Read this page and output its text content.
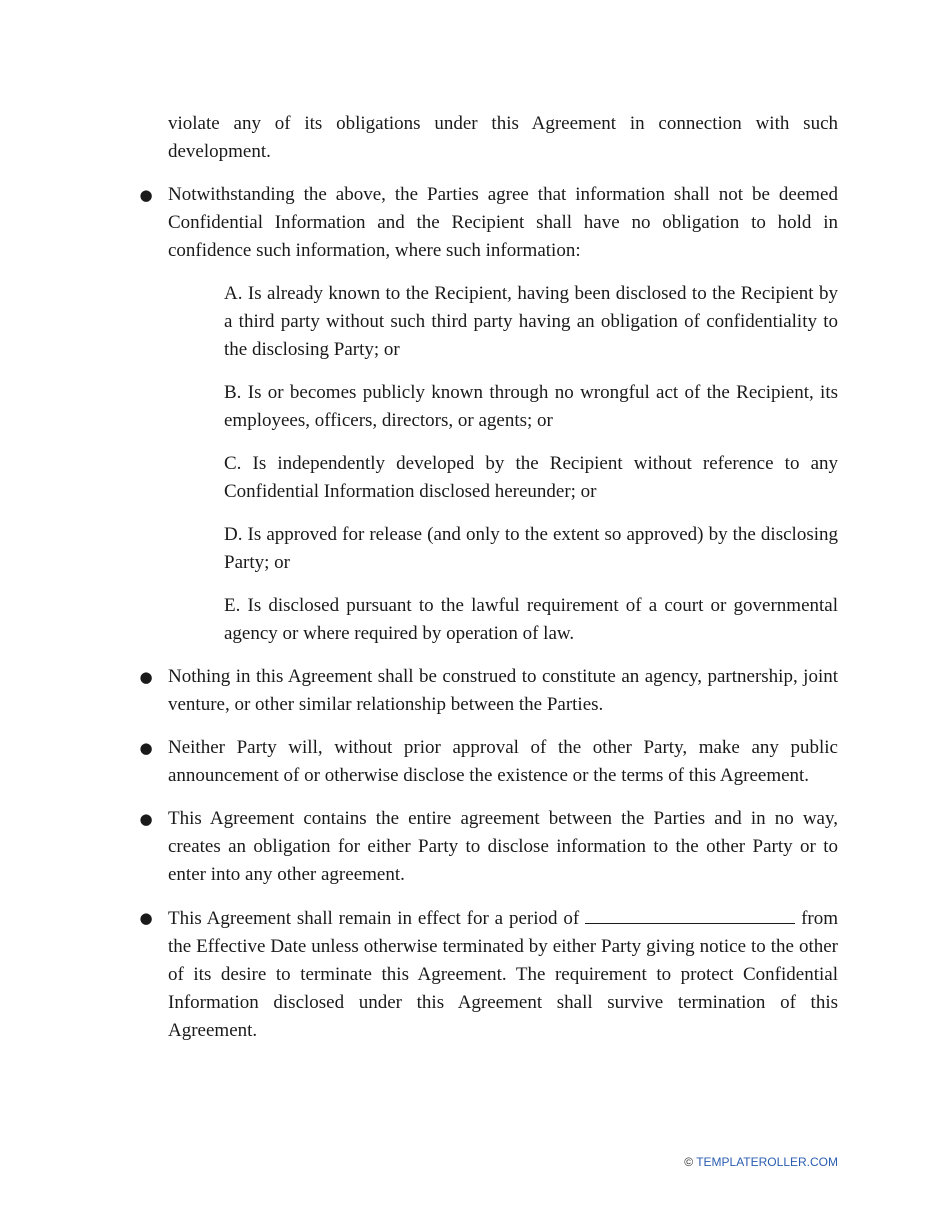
violate any of its obligations under this Agreement in connection with such development.

● Notwithstanding the above, the Parties agree that information shall not be deemed Confidential Information and the Recipient shall have no obligation to hold in confidence such information, where such information:

A. Is already known to the Recipient, having been disclosed to the Recipient by a third party without such third party having an obligation of confidentiality to the disclosing Party; or

B. Is or becomes publicly known through no wrongful act of the Recipient, its employees, officers, directors, or agents; or

C. Is independently developed by the Recipient without reference to any Confidential Information disclosed hereunder; or

D. Is approved for release (and only to the extent so approved) by the disclosing Party; or

E. Is disclosed pursuant to the lawful requirement of a court or governmental agency or where required by operation of law.

● Nothing in this Agreement shall be construed to constitute an agency, partnership, joint venture, or other similar relationship between the Parties.
● Neither Party will, without prior approval of the other Party, make any public announcement of or otherwise disclose the existence or the terms of this Agreement.
● This Agreement contains the entire agreement between the Parties and in no way, creates an obligation for either Party to disclose information to the other Party or to enter into any other agreement.
● This Agreement shall remain in effect for a period of	from the Effective Date unless otherwise terminated by either Party giving notice to the other of its desire to terminate this Agreement. The requirement to protect Confidential Information disclosed under this Agreement shall survive termination of this Agreement.
© TEMPLATEROLLER.COM
